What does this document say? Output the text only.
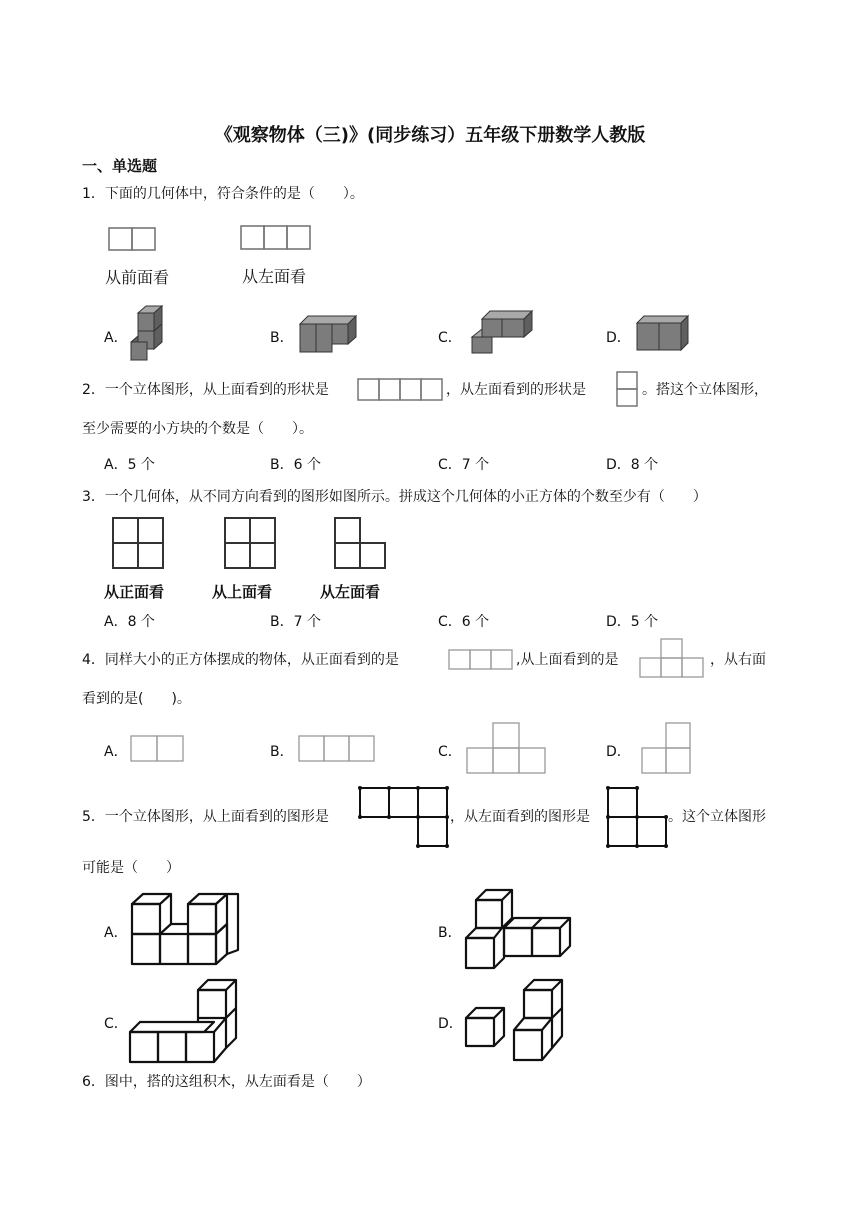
《观察物体（三)》(同步练习）五年级下册数学人教版
一、单选题
1．下面的几何体中，符合条件的是（　　）。
从前面看	从左面看
A．	B．	C．	D．
2．一个立体图形，从上面看到的形状是	，从左面看到的形状是	。搭这个立体图形，
至少需要的小方块的个数是（　　）。
A．5 个	B．6 个	C．7 个	D．8 个
3．一个几何体，从不同方向看到的图形如图所示。拼成这个几何体的小正方体的个数至少有（　　）
从正面看	从上面看	从左面看
A．8 个	B．7 个	C．6 个	D．5 个
4．同样大小的正方体摆成的物体，从正面看到的是	,从上面看到的是	，从右面
看到的是(　　)。
A．	B．	C．	D．
5．一个立体图形，从上面看到的图形是	，从左面看到的图形是	。这个立体图形
可能是（　　）
A．	B．
C．	D．
6．图中，搭的这组积木，从左面看是（　　）
